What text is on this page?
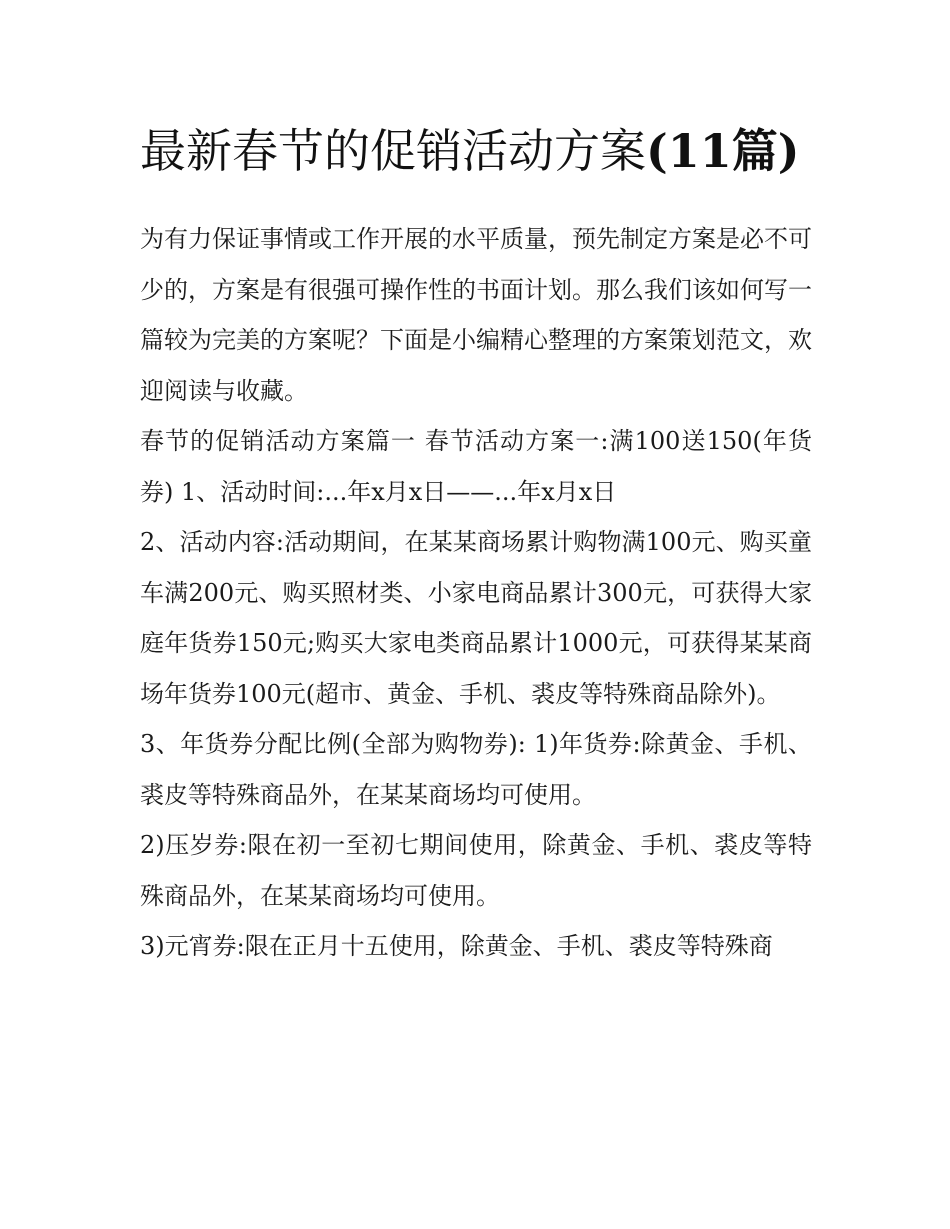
最新春节的促销活动方案(11篇)

为有力保证事情或工作开展的水平质量，预先制定方案是必不可少的，方案是有很强可操作性的书面计划。那么我们该如何写一篇较为完美的方案呢？下面是小编精心整理的方案策划范文，欢迎阅读与收藏。

春节的促销活动方案篇一 春节活动方案一:满100送150(年货券) 1、活动时间:...年x月x日——...年x月x日

2、活动内容:活动期间，在某某商场累计购物满100元、购买童车满200元、购买照材类、小家电商品累计300元，可获得大家庭年货券150元;购买大家电类商品累计1000元，可获得某某商场年货券100元(超市、黄金、手机、裘皮等特殊商品除外)。

3、年货券分配比例(全部为购物券): 1)年货券:除黄金、手机、裘皮等特殊商品外，在某某商场均可使用。

2)压岁券:限在初一至初七期间使用，除黄金、手机、裘皮等特殊商品外，在某某商场均可使用。

3)元宵券:限在正月十五使用，除黄金、手机、裘皮等特殊商
